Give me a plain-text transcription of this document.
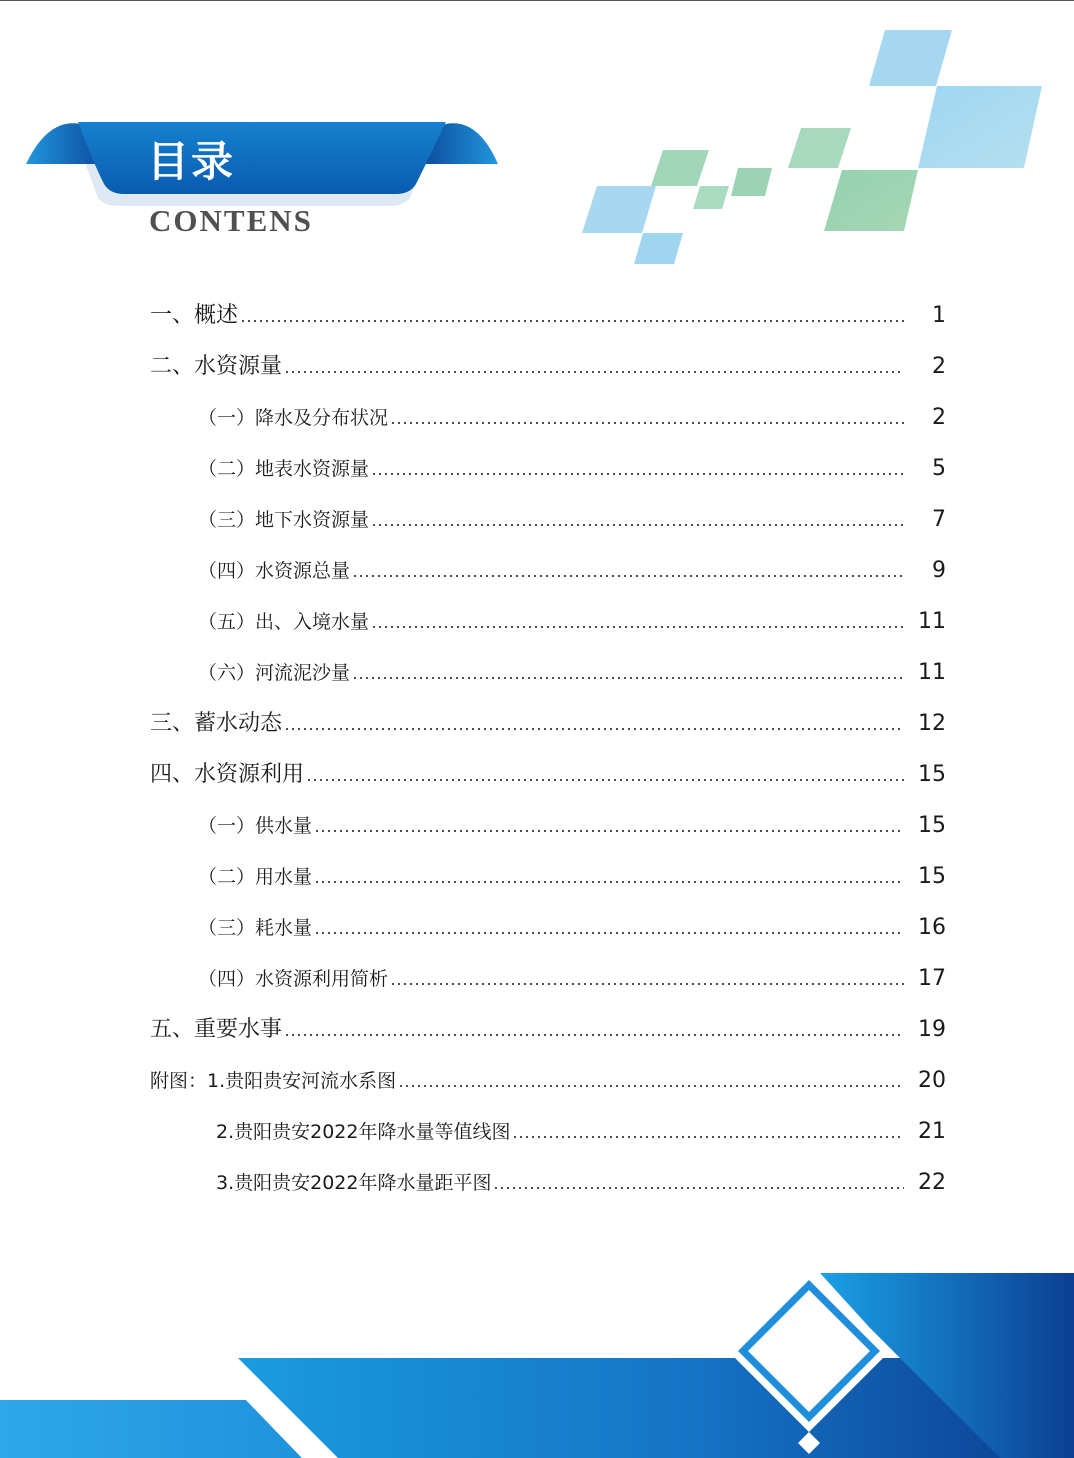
目录
CONTENS
一、概述	1
二、水资源量	2
（一）降水及分布状况	2
（二）地表水资源量	5
（三）地下水资源量	7
（四）水资源总量	9
（五）出、入境水量	11
（六）河流泥沙量	11
三、蓄水动态	12
四、水资源利用	15
（一）供水量	15
（二）用水量	15
（三）耗水量	16
（四）水资源利用简析	17
五、重要水事	19
附图：1.贵阳贵安河流水系图	20
2.贵阳贵安2022年降水量等值线图	21
3.贵阳贵安2022年降水量距平图	22
